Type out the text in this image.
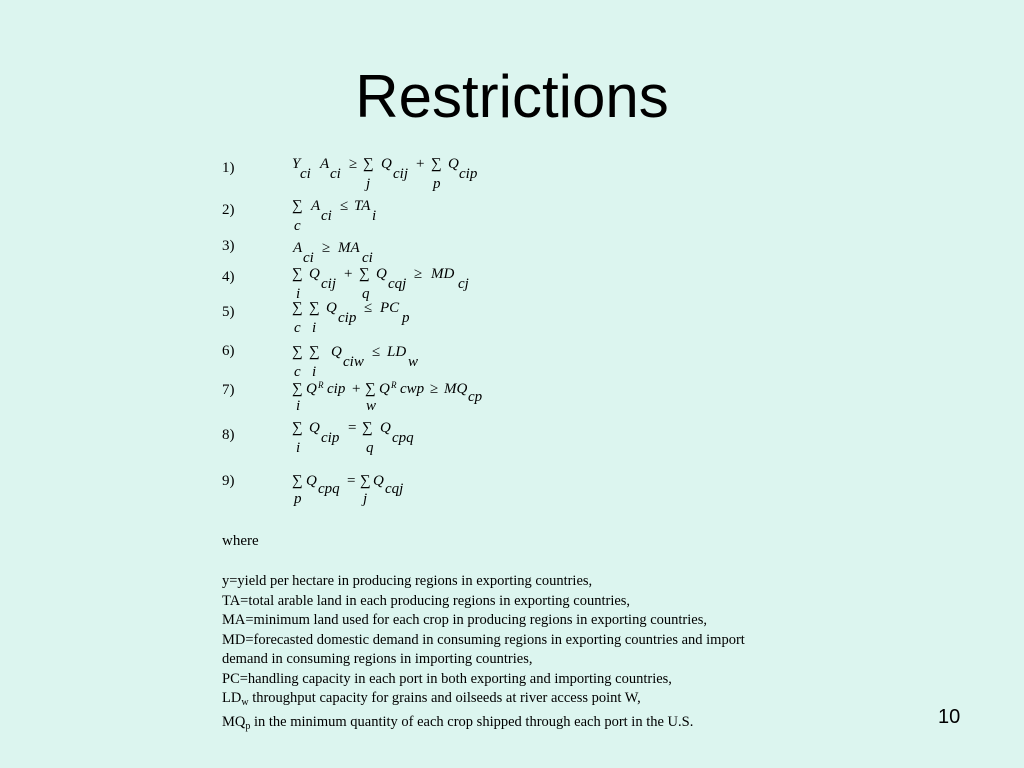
Restrictions
1)
2)
3)
4)
5)
6)
7)
8)
9)
Y
ci
A
ci
≥ ∑ Q
cij
+ ∑ Q
cip
j	p
∑ A
ci
≤ TA
i
c
A
ci
≥ MA
ci
∑ Q
cij
+ ∑ Q
cqj
≥ MD
cj
i	q
∑ ∑ Q
cip
≤ PC
p
c i
∑ ∑ Q
ciw
≤ LD
w
c i
∑ Q R cip + ∑ Q R cwp ≥ MQ cp
i	w
∑ Q
cip
= ∑ Q
cpq
i	q
∑ Q cpq = ∑ Q cqj
p	j
where
y=yield per hectare in producing regions in exporting countries,
TA=total arable land in each producing regions in exporting countries,
MA=minimum land used for each crop in producing regions in exporting countries,
MD=forecasted domestic demand in consuming regions in exporting countries and import
demand in consuming regions in importing countries,
PC=handling capacity in each port in both exporting and importing countries,
$LD_w$ throughput capacity for grains and oilseeds at river access point W,
$MQ_p$ in the minimum quantity of each crop shipped through each port in the U.S.	10
